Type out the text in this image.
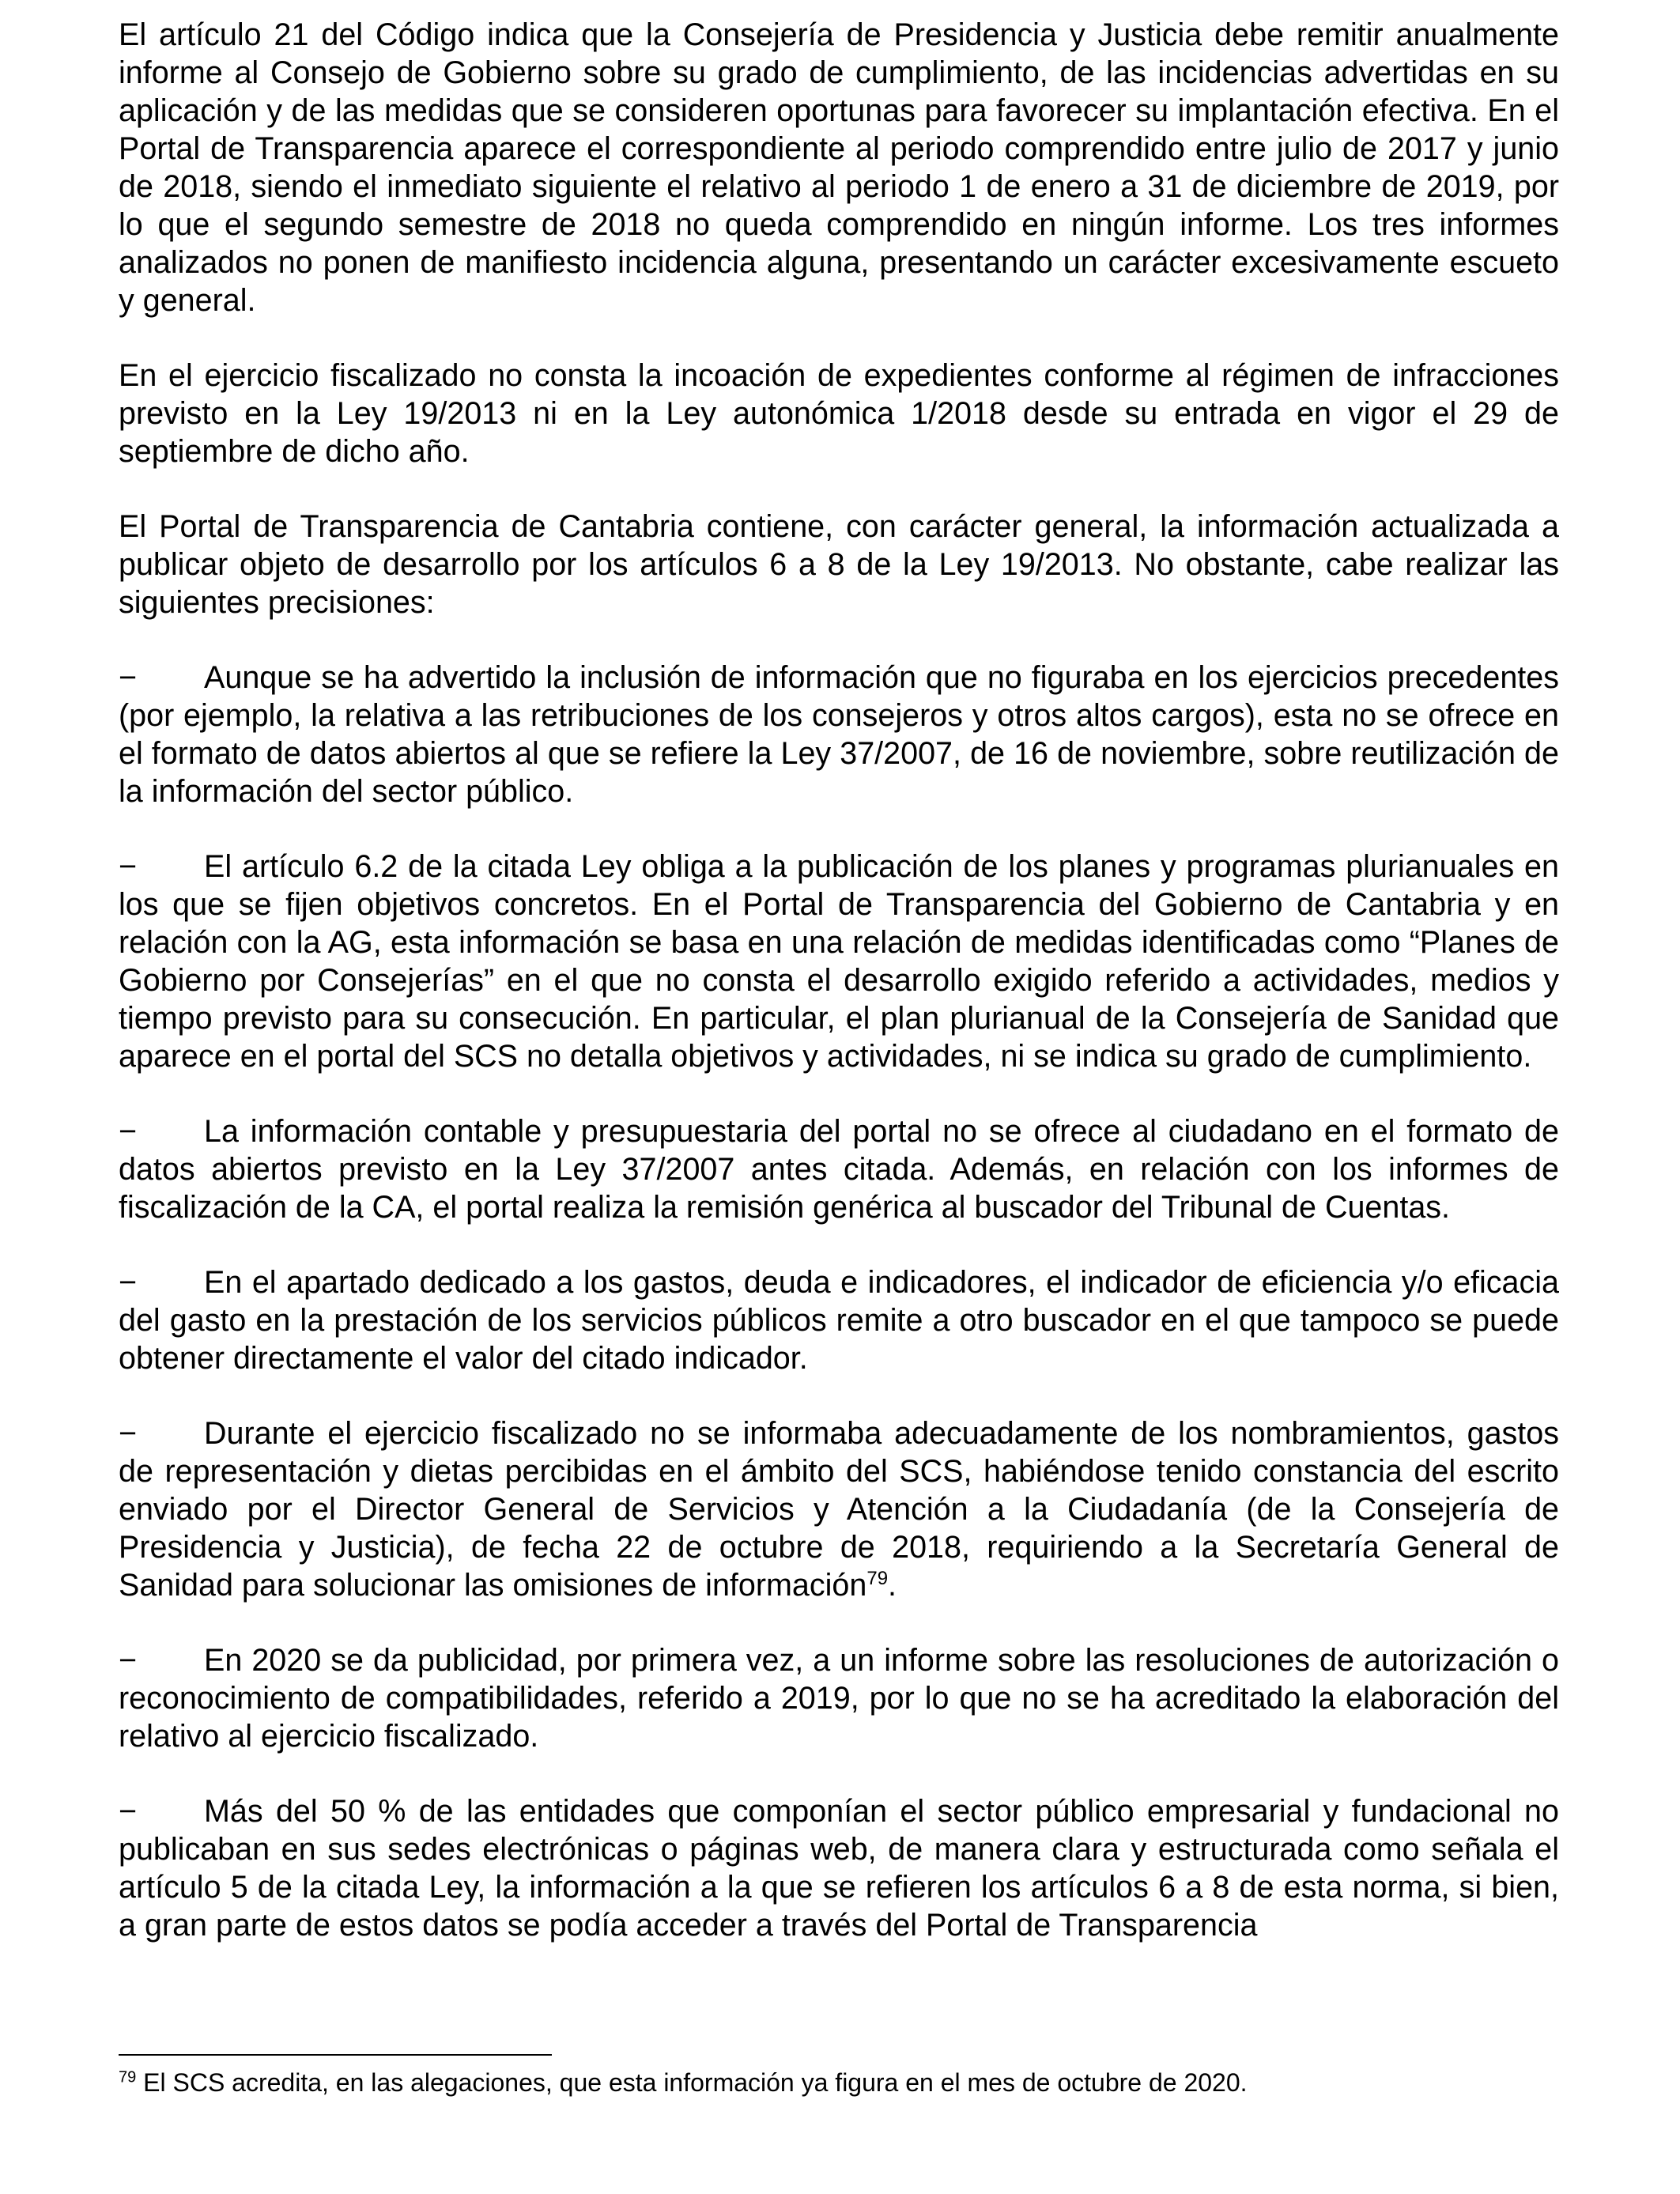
El artículo 21 del Código indica que la Consejería de Presidencia y Justicia debe remitir anualmente informe al Consejo de Gobierno sobre su grado de cumplimiento, de las incidencias advertidas en su aplicación y de las medidas que se consideren oportunas para favorecer su implantación efectiva. En el Portal de Transparencia aparece el correspondiente al periodo comprendido entre julio de 2017 y junio de 2018, siendo el inmediato siguiente el relativo al periodo 1 de enero a 31 de diciembre de 2019, por lo que el segundo semestre de 2018 no queda comprendido en ningún informe. Los tres informes analizados no ponen de manifiesto incidencia alguna, presentando un carácter excesivamente escueto y general.

En el ejercicio fiscalizado no consta la incoación de expedientes conforme al régimen de infracciones previsto en la Ley 19/2013 ni en la Ley autonómica 1/2018 desde su entrada en vigor el 29 de septiembre de dicho año.

El Portal de Transparencia de Cantabria contiene, con carácter general, la información actualizada a publicar objeto de desarrollo por los artículos 6 a 8 de la Ley 19/2013. No obstante, cabe realizar las siguientes precisiones:

− Aunque se ha advertido la inclusión de información que no figuraba en los ejercicios precedentes (por ejemplo, la relativa a las retribuciones de los consejeros y otros altos cargos), esta no se ofrece en el formato de datos abiertos al que se refiere la Ley 37/2007, de 16 de noviembre, sobre reutilización de la información del sector público.

− El artículo 6.2 de la citada Ley obliga a la publicación de los planes y programas plurianuales en los que se fijen objetivos concretos. En el Portal de Transparencia del Gobierno de Cantabria y en relación con la AG, esta información se basa en una relación de medidas identificadas como “Planes de Gobierno por Consejerías” en el que no consta el desarrollo exigido referido a actividades, medios y tiempo previsto para su consecución. En particular, el plan plurianual de la Consejería de Sanidad que aparece en el portal del SCS no detalla objetivos y actividades, ni se indica su grado de cumplimiento.

− La información contable y presupuestaria del portal no se ofrece al ciudadano en el formato de datos abiertos previsto en la Ley 37/2007 antes citada. Además, en relación con los informes de fiscalización de la CA, el portal realiza la remisión genérica al buscador del Tribunal de Cuentas.

− En el apartado dedicado a los gastos, deuda e indicadores, el indicador de eficiencia y/o eficacia del gasto en la prestación de los servicios públicos remite a otro buscador en el que tampoco se puede obtener directamente el valor del citado indicador.

− Durante el ejercicio fiscalizado no se informaba adecuadamente de los nombramientos, gastos de representación y dietas percibidas en el ámbito del SCS, habiéndose tenido constancia del escrito enviado por el Director General de Servicios y Atención a la Ciudadanía (de la Consejería de Presidencia y Justicia), de fecha 22 de octubre de 2018, requiriendo a la Secretaría General de Sanidad para solucionar las omisiones de información$^{79}$.

− En 2020 se da publicidad, por primera vez, a un informe sobre las resoluciones de autorización o reconocimiento de compatibilidades, referido a 2019, por lo que no se ha acreditado la elaboración del relativo al ejercicio fiscalizado.

− Más del 50 % de las entidades que componían el sector público empresarial y fundacional no publicaban en sus sedes electrónicas o páginas web, de manera clara y estructurada como señala el artículo 5 de la citada Ley, la información a la que se refieren los artículos 6 a 8 de esta norma, si bien, a gran parte de estos datos se podía acceder a través del Portal de Transparencia

$^{79}$ El SCS acredita, en las alegaciones, que esta información ya figura en el mes de octubre de 2020.
